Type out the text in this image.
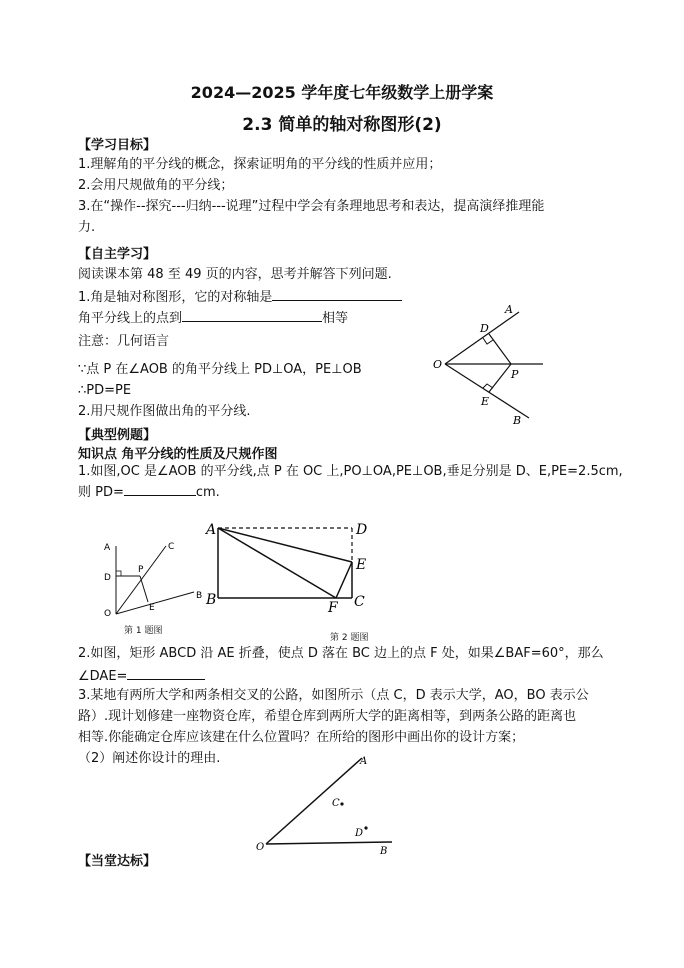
2024—2025 学年度七年级数学上册学案
2.3 简单的轴对称图形(2)
【学习目标】
1.理解角的平分线的概念，探索证明角的平分线的性质并应用；
2.会用尺规做角的平分线；
3.在“操作--探究---归纳---说理”过程中学会有条理地思考和表达，提高演绎推理能
力.
【自主学习】
阅读课本第 48 至 49 页的内容，思考并解答下列问题.
1.角是轴对称图形，它的对称轴是
角平分线上的点到	相等
注意：几何语言
∵点 P 在∠AOB 的角平分线上 PD⊥OA，PE⊥OB
∴PD=PE
2.用尺规作图做出角的平分线.
A
B
O
D
E
P
【典型例题】
知识点 角平分线的性质及尺规作图
1.如图,OC 是∠AOB 的平分线,点 P 在 OC 上,PO⊥OA,PE⊥OB,垂足分别是 D、E,PE=2.5cm,
则 PD=	cm.
A
B
C
D
E
P
O
第 1 题图
A
B	C
D
E
F
第 2 题图
2.如图，矩形 ABCD 沿 AE 折叠，使点 D 落在 BC 边上的点 F 处，如果∠BAF=60°，那么
∠DAE=
3.某地有两所大学和两条相交叉的公路，如图所示（点 C，D 表示大学，AO，BO 表示公
路）.现计划修建一座物资仓库，希望仓库到两所大学的距离相等，到两条公路的距离也
相等.你能确定仓库应该建在什么位置吗？在所给的图形中画出你的设计方案；
（2）阐述你设计的理由.	A
B
C
D
O
【当堂达标】
